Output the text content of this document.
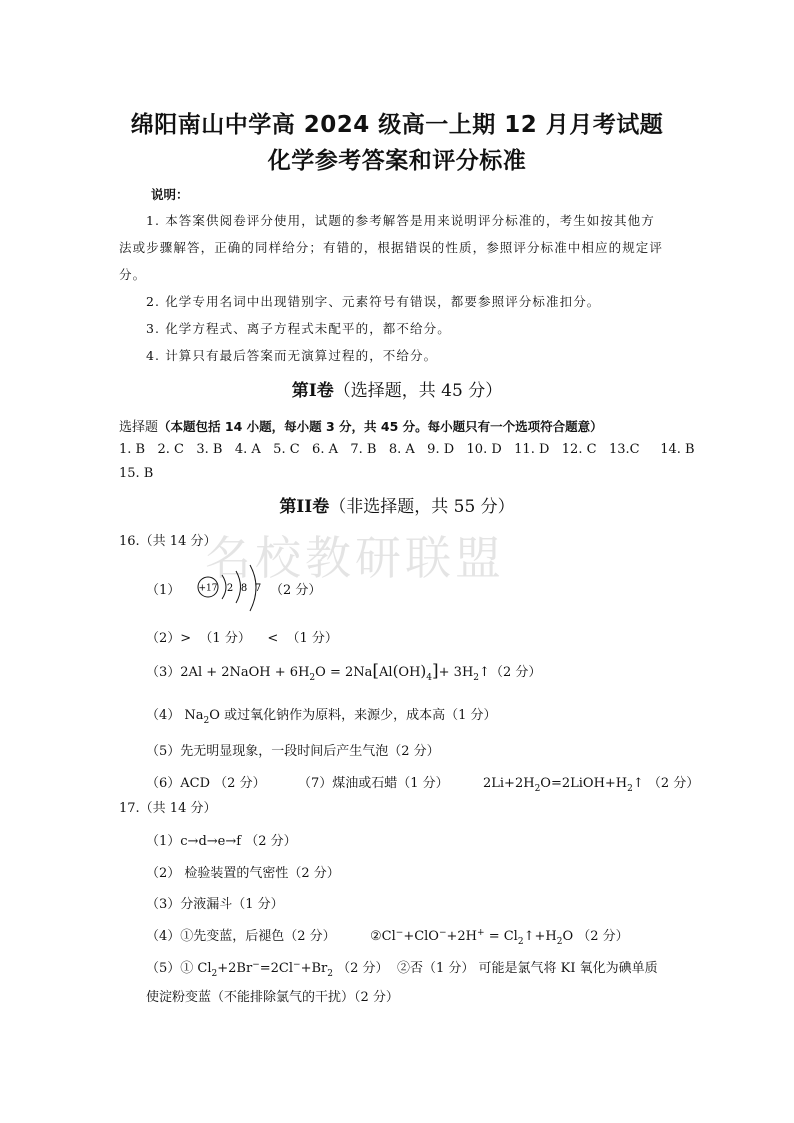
名校教研联盟
绵阳南山中学高 2024 级高一上期 12 月月考试题
化学参考答案和评分标准
说明：
1. 本答案供阅卷评分使用，试题的参考解答是用来说明评分标准的，考生如按其他方
法或步骤解答，正确的同样给分；有错的，根据错误的性质，参照评分标准中相应的规定评
分。
2. 化学专用名词中出现错别字、元素符号有错误，都要参照评分标准扣分。
3. 化学方程式、离子方程式未配平的，都不给分。
4. 计算只有最后答案而无演算过程的，不给分。
第I卷（选择题，共 45 分）
选择题（本题包括 14 小题，每小题 3 分，共 45 分。每小题只有一个选项符合题意）
1. B   2. C   3. B   4. A   5. C   6. A   7. B   8. A   9. D   10. D   11. D   12. C   13.C     14. B
15. B
第II卷（非选择题，共 55 分）
16.（共 14 分）
（1） +17 2 8 7 （2 分）
（2）>  （1 分）    <  （1 分）
（3）2Al + 2NaOH + $6H_2O = 2Na[Al(OH)_4]+$ $3H_2↑(2$ 分）
（4） $Na_2O$ 或过氧化钠作为原料，来源少，成本高（1 分）
（5）先无明显现象，一段时间后产生气泡（2 分）
（6）ACD （2 分） （7）煤油或石蜡（1 分）	$2Li+2H_2O=2LiOH+H_2↑$ （2 分）
17.（共 14 分）
（1）c→d→e→f （2 分）
（2） 检验装置的气密性（2 分）
（3）分液漏斗（1 分）
（4）①先变蓝，后褪色（2 分）	②Cl−+ClO−+2H+ = $Cl_2↑+H_2O$ （2 分）
（5）① $Cl_2+2Br^-=2Cl^-+Br_2$ （2 分） ②否（1 分） 可能是氯气将 KI 氧化为碘单质
使淀粉变蓝（不能排除氯气的干扰）（2 分）
